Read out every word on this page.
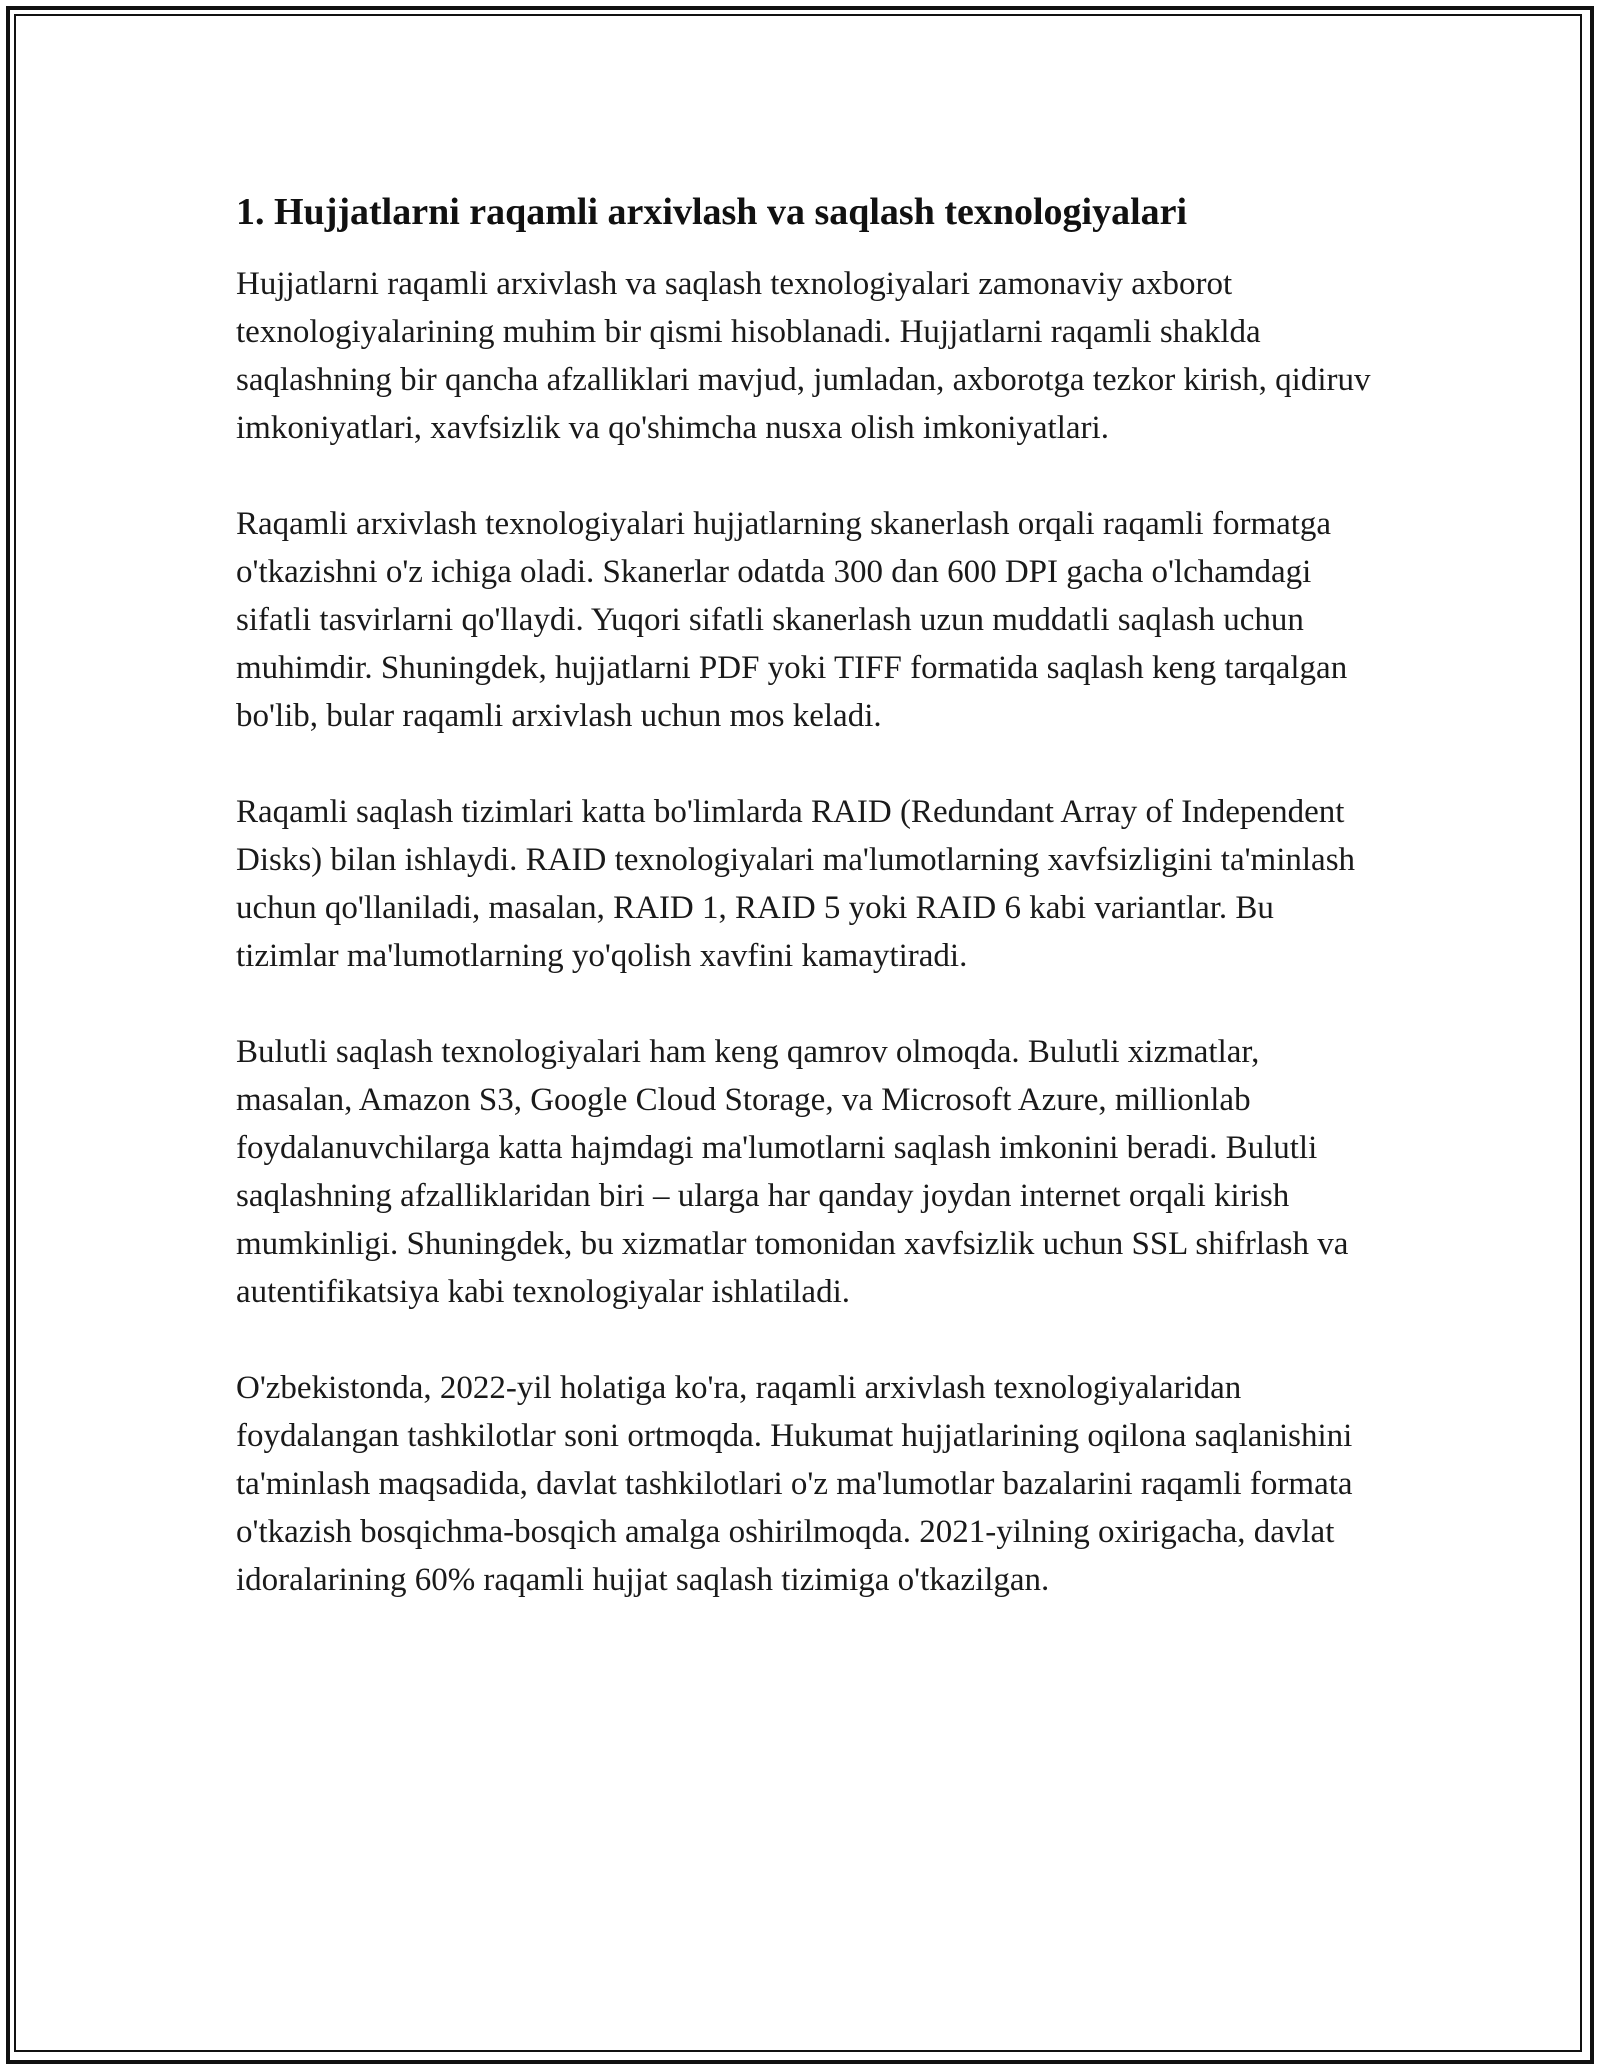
1. Hujjatlarni raqamli arxivlash va saqlash texnologiyalari

Hujjatlarni raqamli arxivlash va saqlash texnologiyalari zamonaviy axborot texnologiyalarining muhim bir qismi hisoblanadi. Hujjatlarni raqamli shaklda saqlashning bir qancha afzalliklari mavjud, jumladan, axborotga tezkor kirish, qidiruv imkoniyatlari, xavfsizlik va qo'shimcha nusxa olish imkoniyatlari.

Raqamli arxivlash texnologiyalari hujjatlarning skanerlash orqali raqamli formatga o'tkazishni o'z ichiga oladi. Skanerlar odatda 300 dan 600 DPI gacha o'lchamdagi sifatli tasvirlarni qo'llaydi. Yuqori sifatli skanerlash uzun muddatli saqlash uchun muhimdir. Shuningdek, hujjatlarni PDF yoki TIFF formatida saqlash keng tarqalgan bo'lib, bular raqamli arxivlash uchun mos keladi.

Raqamli saqlash tizimlari katta bo'limlarda RAID (Redundant Array of Independent Disks) bilan ishlaydi. RAID texnologiyalari ma'lumotlarning xavfsizligini ta'minlash uchun qo'llaniladi, masalan, RAID 1, RAID 5 yoki RAID 6 kabi variantlar. Bu tizimlar ma'lumotlarning yo'qolish xavfini kamaytiradi.

Bulutli saqlash texnologiyalari ham keng qamrov olmoqda. Bulutli xizmatlar, masalan, Amazon S3, Google Cloud Storage, va Microsoft Azure, millionlab foydalanuvchilarga katta hajmdagi ma'lumotlarni saqlash imkonini beradi. Bulutli saqlashning afzalliklaridan biri – ularga har qanday joydan internet orqali kirish mumkinligi. Shuningdek, bu xizmatlar tomonidan xavfsizlik uchun SSL shifrlash va autentifikatsiya kabi texnologiyalar ishlatiladi.

O'zbekistonda, 2022-yil holatiga ko'ra, raqamli arxivlash texnologiyalaridan foydalangan tashkilotlar soni ortmoqda. Hukumat hujjatlarining oqilona saqlanishini ta'minlash maqsadida, davlat tashkilotlari o'z ma'lumotlar bazalarini raqamli formata o'tkazish bosqichma-bosqich amalga oshirilmoqda. 2021-yilning oxirigacha, davlat idoralarining 60% raqamli hujjat saqlash tizimiga o'tkazilgan.
